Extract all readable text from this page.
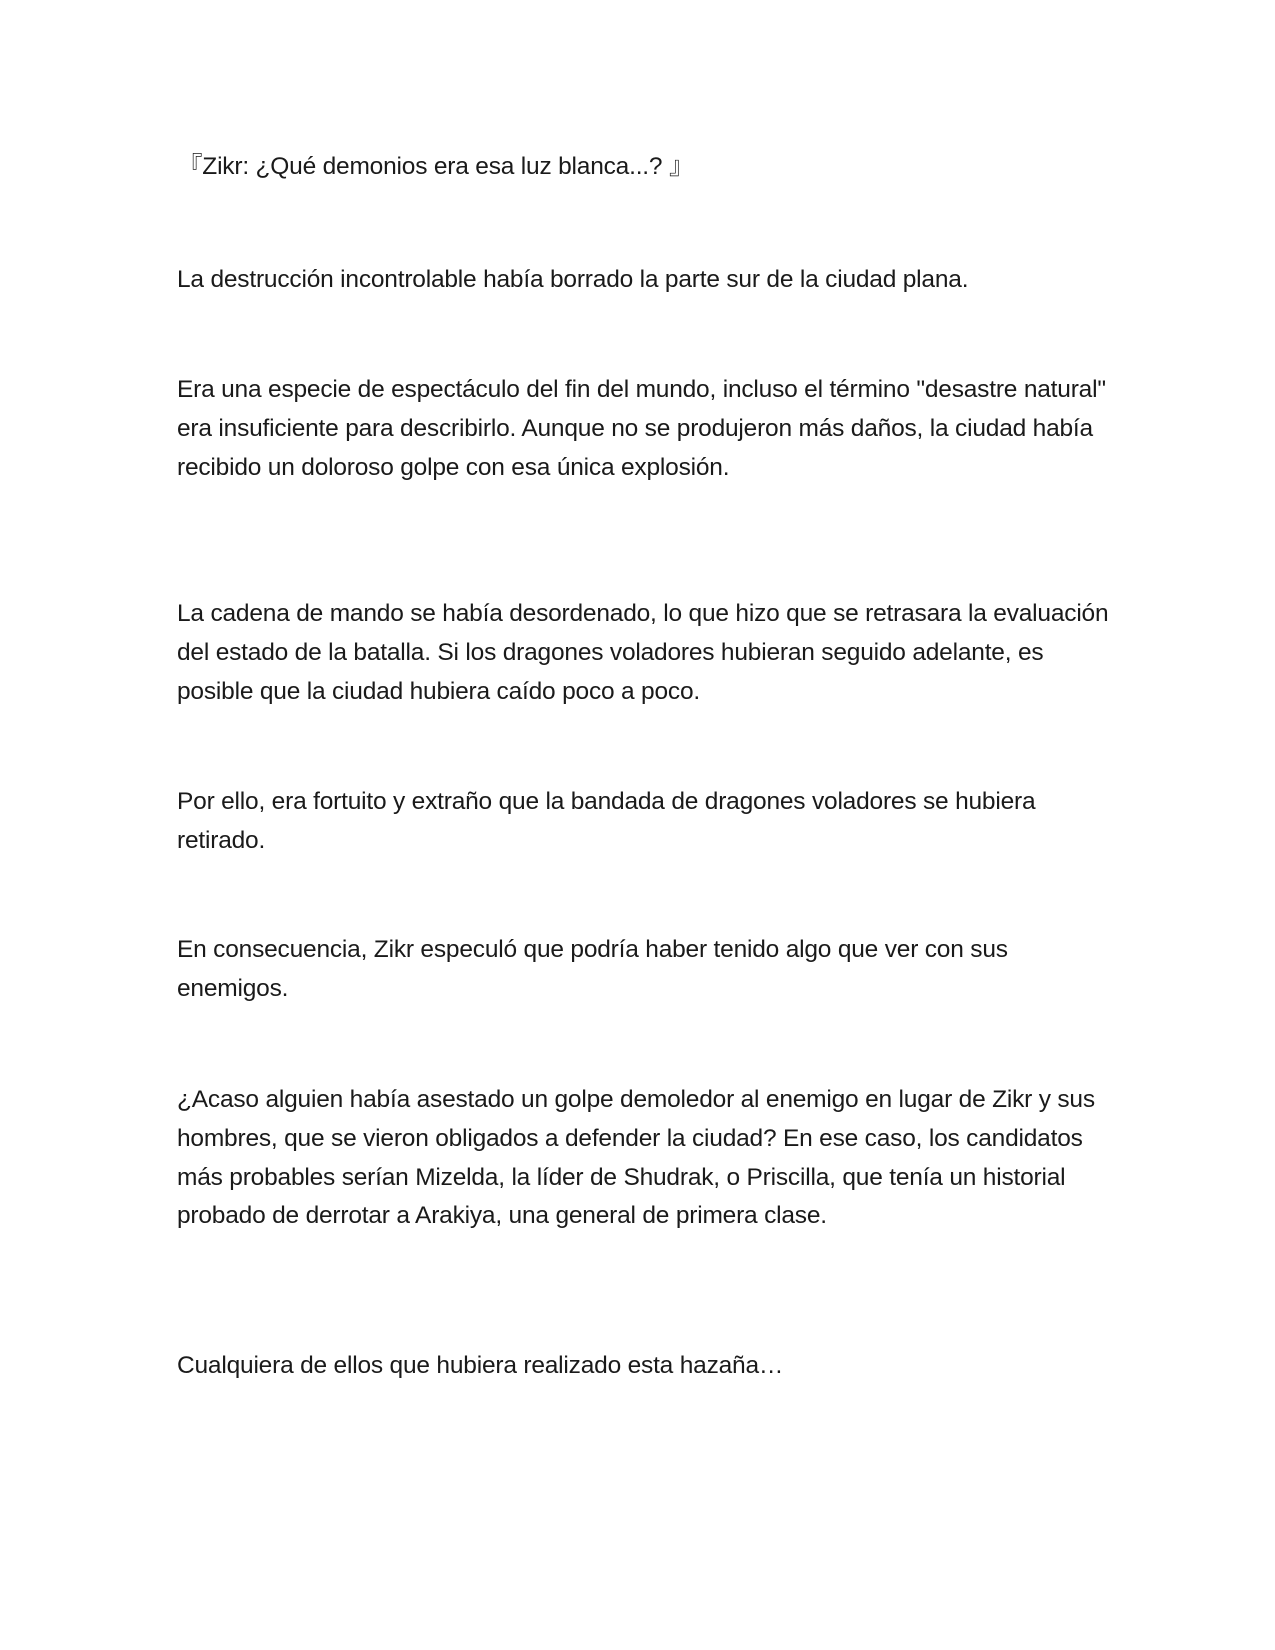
『Zikr: ¿Qué demonios era esa luz blanca...? 』

La destrucción incontrolable había borrado la parte sur de la ciudad plana.

Era una especie de espectáculo del fin del mundo, incluso el término "desastre natural" era insuficiente para describirlo. Aunque no se produjeron más daños, la ciudad había recibido un doloroso golpe con esa única explosión.

La cadena de mando se había desordenado, lo que hizo que se retrasara la evaluación del estado de la batalla. Si los dragones voladores hubieran seguido adelante, es posible que la ciudad hubiera caído poco a poco.

Por ello, era fortuito y extraño que la bandada de dragones voladores se hubiera retirado.

En consecuencia, Zikr especuló que podría haber tenido algo que ver con sus enemigos.

¿Acaso alguien había asestado un golpe demoledor al enemigo en lugar de Zikr y sus hombres, que se vieron obligados a defender la ciudad? En ese caso, los candidatos más probables serían Mizelda, la líder de Shudrak, o Priscilla, que tenía un historial probado de derrotar a Arakiya, una general de primera clase.

Cualquiera de ellos que hubiera realizado esta hazaña…
